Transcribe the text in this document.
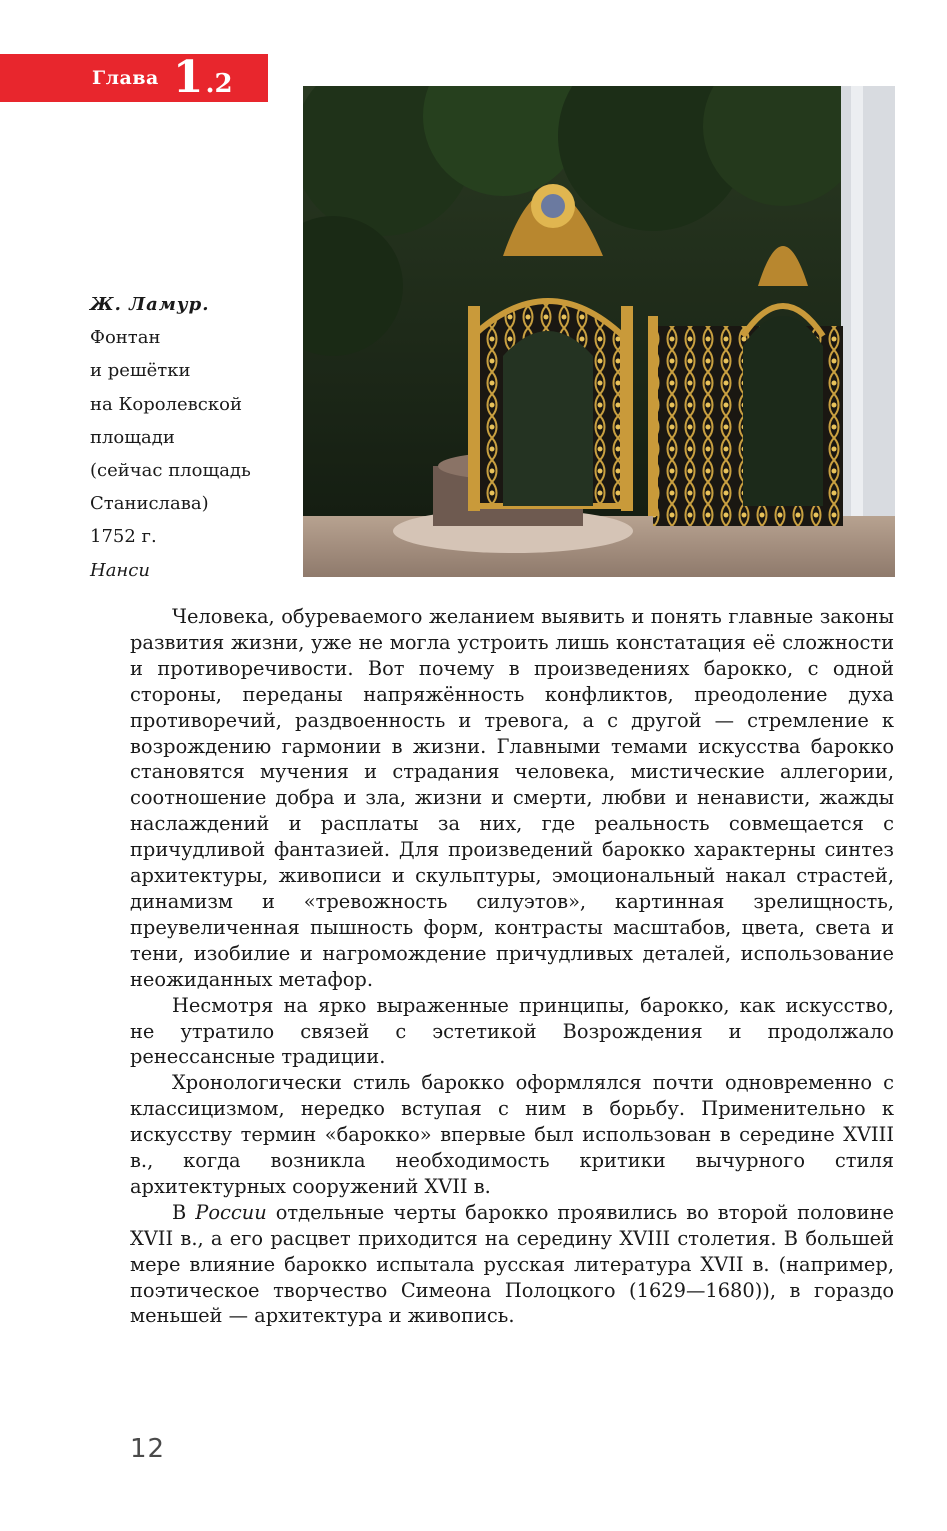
Глава 1 .2
Ж. Ламур.
Фонтан
и решётки
на Королевской
площади
(сейчас площадь
Станислава)
1752 г.
Нанси

Человека, обуреваемого желанием выявить и понять главные законы развития жизни, уже не могла устроить лишь констатация её сложности и противоречивости. Вот почему в произведениях барокко, с одной стороны, переданы напряжённость конфликтов, преодоление духа противоречий, раздвоенность и тревога, а с другой — стремление к возрождению гармонии в жизни. Главными темами искусства барокко становятся мучения и страдания человека, мистические аллегории, соотношение добра и зла, жизни и смерти, любви и ненависти, жажды наслаждений и расплаты за них, где реальность совмещается с причудливой фантазией. Для произведений барокко характерны синтез архитектуры, живописи и скульптуры, эмоциональный накал страстей, динамизм и «тревожность силуэтов», картинная зрелищность, преувеличенная пышность форм, контрасты масштабов, цвета, света и тени, изобилие и нагромождение причудливых деталей, использование неожиданных метафор.

Несмотря на ярко выраженные принципы, барокко, как искусство, не утратило связей с эстетикой Возрождения и продолжало ренессансные традиции.

Хронологически стиль барокко оформлялся почти одновременно с классицизмом, нередко вступая с ним в борьбу. Применительно к искусству термин «барокко» впервые был использован в середине XVIII в., когда возникла необходимость критики вычурного стиля архитектурных сооружений XVII в.

В России отдельные черты барокко проявились во второй половине XVII в., а его расцвет приходится на середину XVIII столетия. В большей мере влияние барокко испытала русская литература XVII в. (например, поэтическое творчество Симеона Полоцкого (1629—1680)), в гораздо меньшей — архитектура и живопись.

12
